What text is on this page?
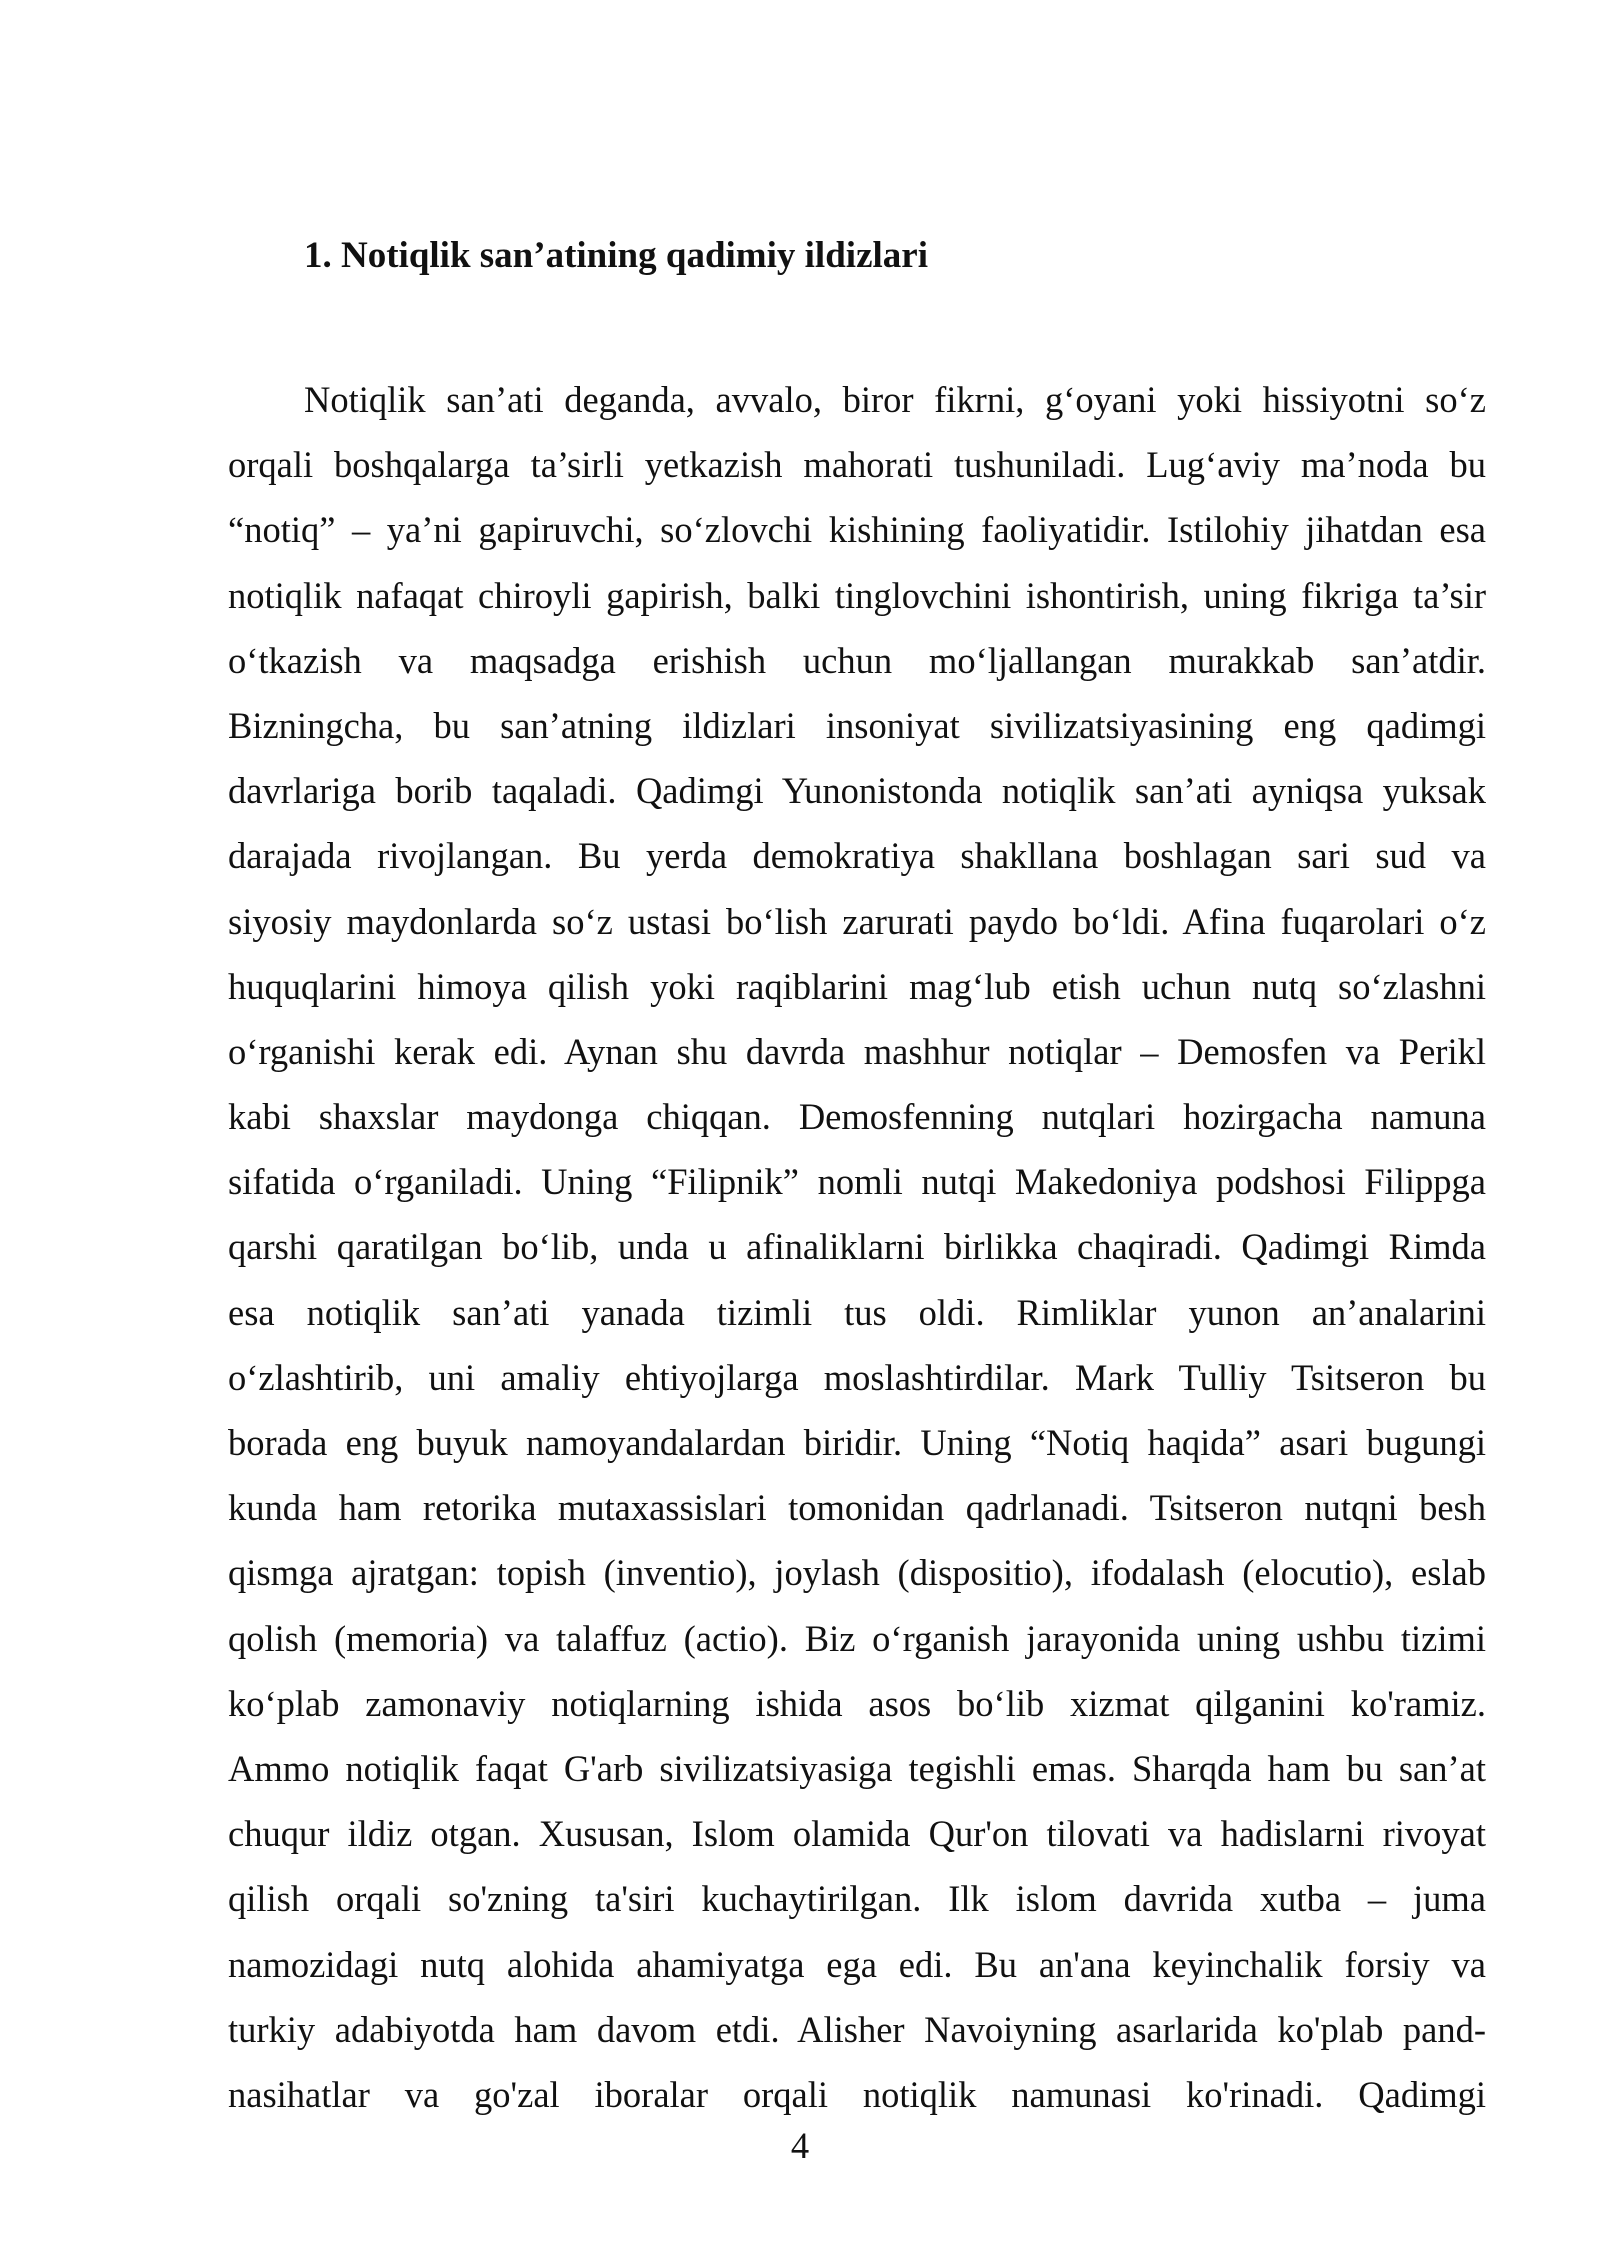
1. Notiqlik san’atining qadimiy ildizlari
Notiqlik san’ati deganda, avvalo, biror fikrni, g‘oyani yoki hissiyotni so‘z
orqali boshqalarga ta’sirli yetkazish mahorati tushuniladi. Lug‘aviy ma’noda bu
“notiq” – ya’ni gapiruvchi, so‘zlovchi kishining faoliyatidir. Istilohiy jihatdan esa
notiqlik nafaqat chiroyli gapirish, balki tinglovchini ishontirish, uning fikriga ta’sir
o‘tkazish va maqsadga erishish uchun mo‘ljallangan murakkab san’atdir.
Bizningcha, bu san’atning ildizlari insoniyat sivilizatsiyasining eng qadimgi
davrlariga borib taqaladi. Qadimgi Yunonistonda notiqlik san’ati ayniqsa yuksak
darajada rivojlangan. Bu yerda demokratiya shakllana boshlagan sari sud va
siyosiy maydonlarda so‘z ustasi bo‘lish zarurati paydo bo‘ldi. Afina fuqarolari o‘z
huquqlarini himoya qilish yoki raqiblarini mag‘lub etish uchun nutq so‘zlashni
o‘rganishi kerak edi. Aynan shu davrda mashhur notiqlar – Demosfen va Perikl
kabi shaxslar maydonga chiqqan. Demosfenning nutqlari hozirgacha namuna
sifatida o‘rganiladi. Uning “Filipnik” nomli nutqi Makedoniya podshosi Filippga
qarshi qaratilgan bo‘lib, unda u afinaliklarni birlikka chaqiradi. Qadimgi Rimda
esa notiqlik san’ati yanada tizimli tus oldi. Rimliklar yunon an’analarini
o‘zlashtirib, uni amaliy ehtiyojlarga moslashtirdilar. Mark Tulliy Tsitseron bu
borada eng buyuk namoyandalardan biridir. Uning “Notiq haqida” asari bugungi
kunda ham retorika mutaxassislari tomonidan qadrlanadi. Tsitseron nutqni besh
qismga ajratgan: topish (inventio), joylash (dispositio), ifodalash (elocutio), eslab
qolish (memoria) va talaffuz (actio). Biz o‘rganish jarayonida uning ushbu tizimi
ko‘plab zamonaviy notiqlarning ishida asos bo‘lib xizmat qilganini ko'ramiz.
Ammo notiqlik faqat G'arb sivilizatsiyasiga tegishli emas. Sharqda ham bu san’at
chuqur ildiz otgan. Xususan, Islom olamida Qur'on tilovati va hadislarni rivoyat
qilish orqali so'zning ta'siri kuchaytirilgan. Ilk islom davrida xutba – juma
namozidagi nutq alohida ahamiyatga ega edi. Bu an'ana keyinchalik forsiy va
turkiy adabiyotda ham davom etdi. Alisher Navoiyning asarlarida ko'plab pand-
nasihatlar va go'zal iboralar orqali notiqlik namunasi ko'rinadi. Qadimgi
4
